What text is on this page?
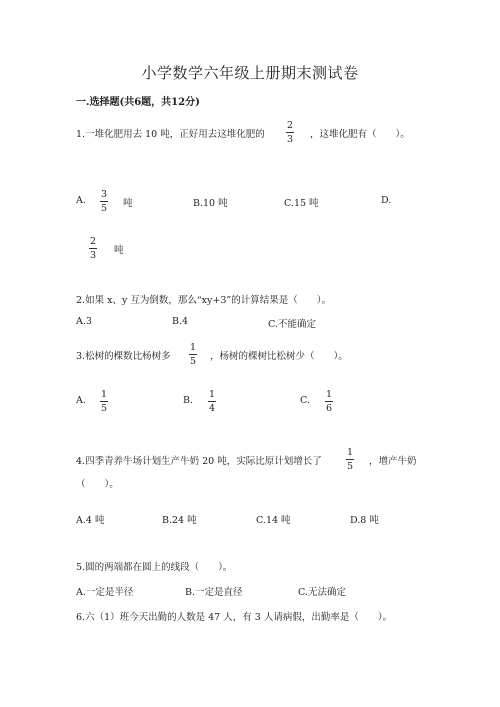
小学数学六年级上册期末测试卷
一.选择题(共6题，共12分)
1.一堆化肥用去 10 吨，正好用去这堆化肥的
2
3 ，这堆化肥有（　　）。
A.
3
5 吨	B.10 吨	C.15 吨	D.
2
3 吨
2.如果 x、y 互为倒数，那么“xy+3”的计算结果是（　　）。
A.3	B.4	C.不能确定
3.松树的棵数比杨树多
1
5 ，杨树的棵树比松树少（　　）。
A.
1
5
B.
1
4
C.
1
6
4.四季青养牛场计划生产牛奶 20 吨，实际比原计划增长了
1
5 ，增产牛奶
（　　）。
A.4 吨	B.24 吨	C.14 吨	D.8 吨
5.圆的两端都在圆上的线段（　　）。
A.一定是半径	B.一定是直径	C.无法确定
6.六（1）班今天出勤的人数是 47 人，有 3 人请病假，出勤率是（　　）。
